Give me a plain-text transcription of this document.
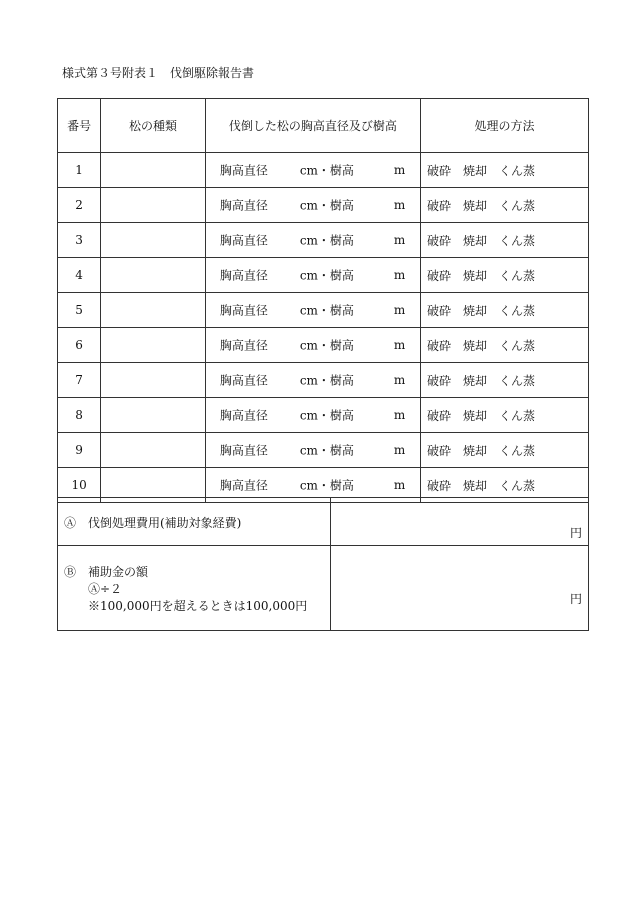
様式第３号附表１　伐倒駆除報告書
番号	松の種類	伐倒した松の胸高直径及び樹高	処理の方法
1		胸高直径 cm・樹高 m	破砕 焼却 くん蒸
2		胸高直径 cm・樹高 m	破砕 焼却 くん蒸
3		胸高直径 cm・樹高 m	破砕 焼却 くん蒸
4		胸高直径 cm・樹高 m	破砕 焼却 くん蒸
5		胸高直径 cm・樹高 m	破砕 焼却 くん蒸
6		胸高直径 cm・樹高 m	破砕 焼却 くん蒸
7		胸高直径 cm・樹高 m	破砕 焼却 くん蒸
8		胸高直径 cm・樹高 m	破砕 焼却 くん蒸
9		胸高直径 cm・樹高 m	破砕 焼却 くん蒸
10		胸高直径 cm・樹高 m	破砕 焼却 くん蒸
Ⓐ 伐倒処理費用(補助対象経費)	円

Ⓑ 補助金の額
Ⓐ÷２
※100,000円を超えるときは100,000円	円
